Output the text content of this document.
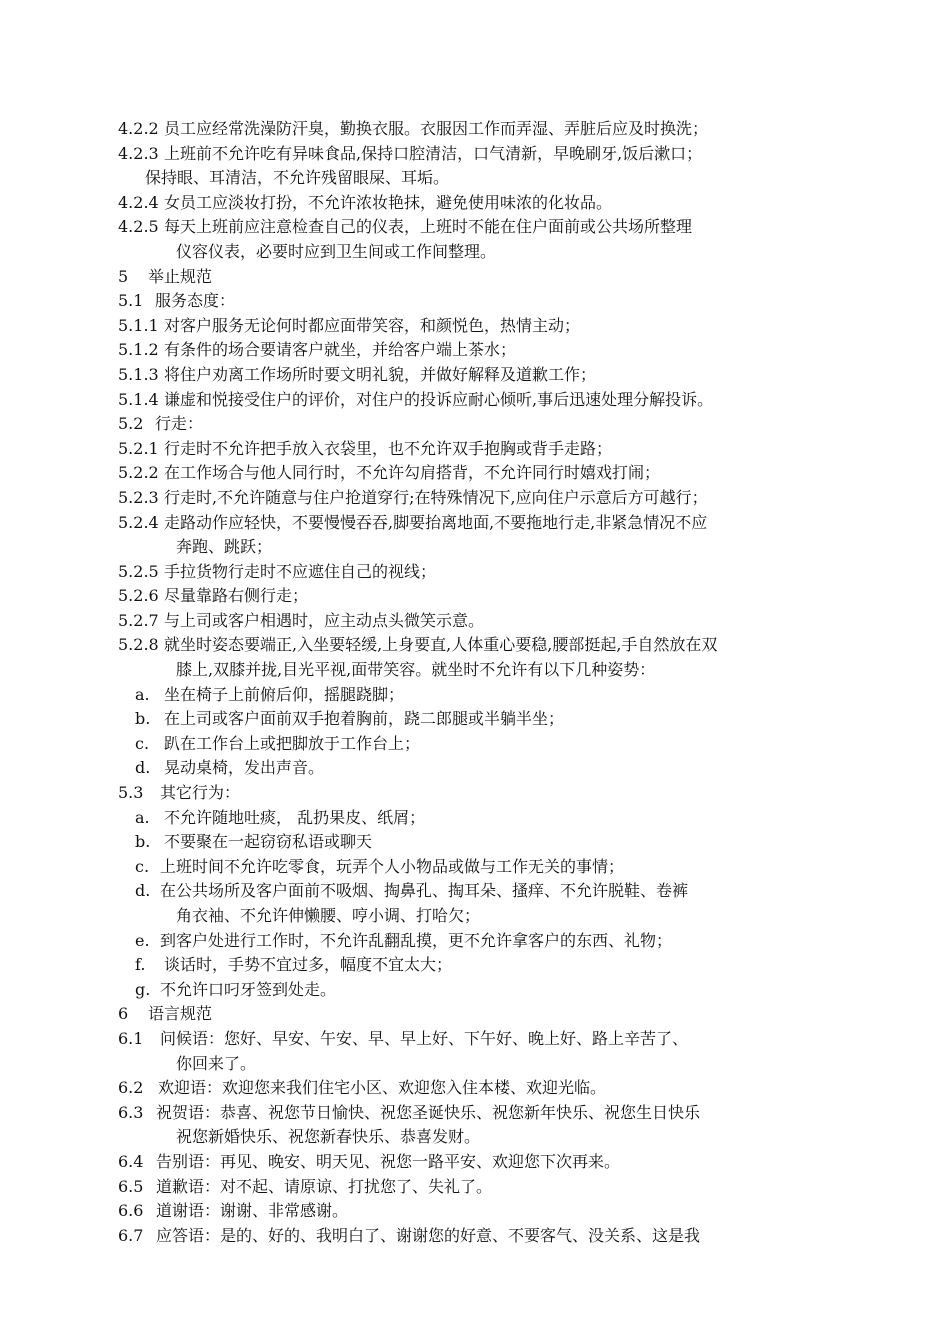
4.2.2 员工应经常洗澡防汗臭，勤换衣服。衣服因工作而弄湿、弄脏后应及时换洗；
4.2.3 上班前不允许吃有异味食品,保持口腔清洁，口气清新，早晚刷牙,饭后漱口；
保持眼、耳清洁，不允许残留眼屎、耳垢。
4.2.4 女员工应淡妆打扮，不允许浓妆艳抹，避免使用味浓的化妆品。
4.2.5 每天上班前应注意检查自己的仪表，上班时不能在住户面前或公共场所整理
仪容仪表，必要时应到卫生间或工作间整理。
5 举止规范
5.1 服务态度：
5.1.1 对客户服务无论何时都应面带笑容，和颜悦色，热情主动；
5.1.2 有条件的场合要请客户就坐，并给客户端上茶水；
5.1.3 将住户劝离工作场所时要文明礼貌，并做好解释及道歉工作；
5.1.4 谦虚和悦接受住户的评价，对住户的投诉应耐心倾听,事后迅速处理分解投诉。
5.2 行走：
5.2.1 行走时不允许把手放入衣袋里，也不允许双手抱胸或背手走路；
5.2.2 在工作场合与他人同行时，不允许勾肩搭背，不允许同行时嬉戏打闹；
5.2.3 行走时,不允许随意与住户抢道穿行;在特殊情况下,应向住户示意后方可越行；
5.2.4 走路动作应轻快，不要慢慢吞吞,脚要抬离地面,不要拖地行走,非紧急情况不应
奔跑、跳跃；
5.2.5 手拉货物行走时不应遮住自己的视线；
5.2.6 尽量靠路右侧行走；
5.2.7 与上司或客户相遇时，应主动点头微笑示意。
5.2.8 就坐时姿态要端正,入坐要轻缓,上身要直,人体重心要稳,腰部挺起,手自然放在双
膝上,双膝并拢,目光平视,面带笑容。就坐时不允许有以下几种姿势：
a. 坐在椅子上前俯后仰，摇腿跷脚；
b. 在上司或客户面前双手抱着胸前，跷二郎腿或半躺半坐；
c. 趴在工作台上或把脚放于工作台上；
d. 晃动桌椅，发出声音。
5.3 其它行为：
a. 不允许随地吐痰， 乱扔果皮、纸屑；
b. 不要聚在一起窃窃私语或聊天
c. 上班时间不允许吃零食，玩弄个人小物品或做与工作无关的事情；
d. 在公共场所及客户面前不吸烟、掏鼻孔、掏耳朵、搔痒、不允许脱鞋、卷裤
角衣袖、不允许伸懒腰、哼小调、打哈欠；
e. 到客户处进行工作时，不允许乱翻乱摸，更不允许拿客户的东西、礼物；
f. 谈话时，手势不宜过多，幅度不宜太大；
g. 不允许口叼牙签到处走。
6 语言规范
6.1 问候语：您好、早安、午安、早、早上好、下午好、晚上好、路上辛苦了、
你回来了。
6.2 欢迎语：欢迎您来我们住宅小区、欢迎您入住本楼、欢迎光临。
6.3 祝贺语：恭喜、祝您节日愉快、祝您圣诞快乐、祝您新年快乐、祝您生日快乐
祝您新婚快乐、祝您新春快乐、恭喜发财。
6.4 告别语：再见、晚安、明天见、祝您一路平安、欢迎您下次再来。
6.5 道歉语：对不起、请原谅、打扰您了、失礼了。
6.6 道谢语：谢谢、非常感谢。
6.7 应答语：是的、好的、我明白了、谢谢您的好意、不要客气、没关系、这是我
